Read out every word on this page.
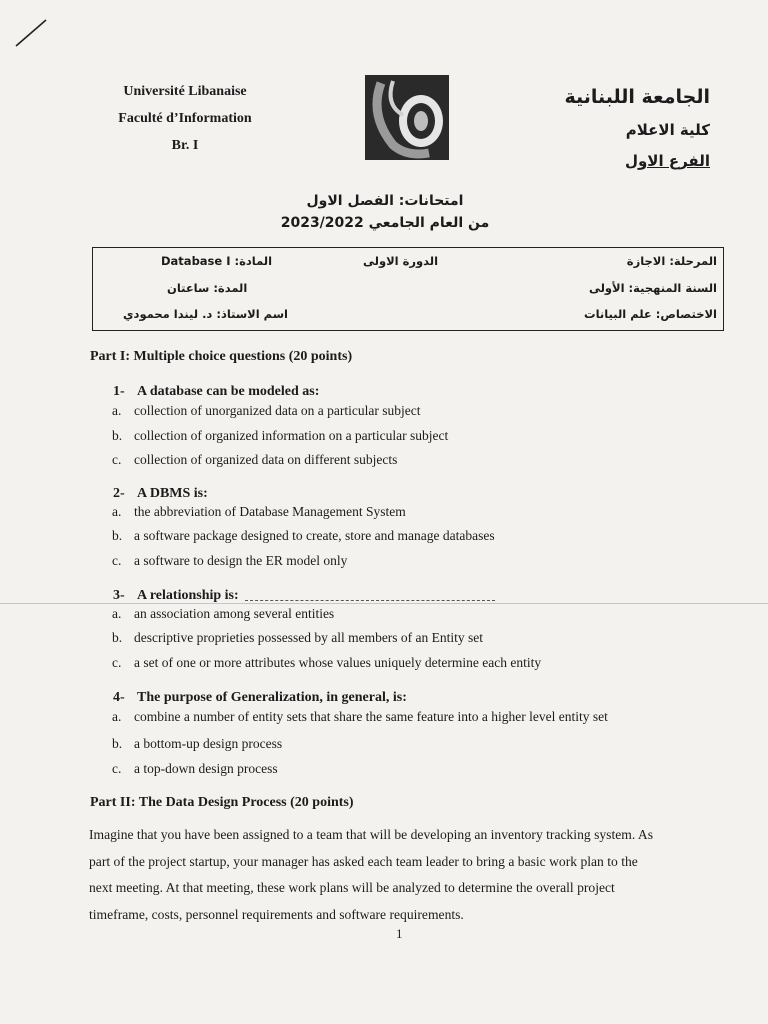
Université Libanaise
Faculté d’Information
Br. I
الجامعة اللبنانية
كلية الاعلام
الفرع الاول
امتحانات: الفصل الاول
من العام الجامعي 2023/2022
المرحلة: الاجازة
الدورة الاولى
المادة: Database I
السنة المنهجية: الأولى
المدة: ساعتان
الاختصاص: علم البيانات
اسم الاستاذ: د. ليندا محمودي
Part I: Multiple choice questions (20 points)
1- A database can be modeled as:
a. collection of unorganized data on a particular subject
b. collection of organized information on a particular subject
c. collection of organized data on different subjects
2- A DBMS is:
a. the abbreviation of Database Management System
b. a software package designed to create, store and manage databases
c. a software to design the ER model only
3- A relationship is:
a. an association among several entities
b. descriptive proprieties possessed by all members of an Entity set
c. a set of one or more attributes whose values uniquely determine each entity
4- The purpose of Generalization, in general, is:
a. combine a number of entity sets that share the same feature into a higher level entity set
b. a bottom-up design process
c. a top-down design process
Part II: The Data Design Process (20 points)
Imagine that you have been assigned to a team that will be developing an inventory tracking system. As
part of the project startup, your manager has asked each team leader to bring a basic work plan to the
next meeting. At that meeting, these work plans will be analyzed to determine the overall project
timeframe, costs, personnel requirements and software requirements.
1
